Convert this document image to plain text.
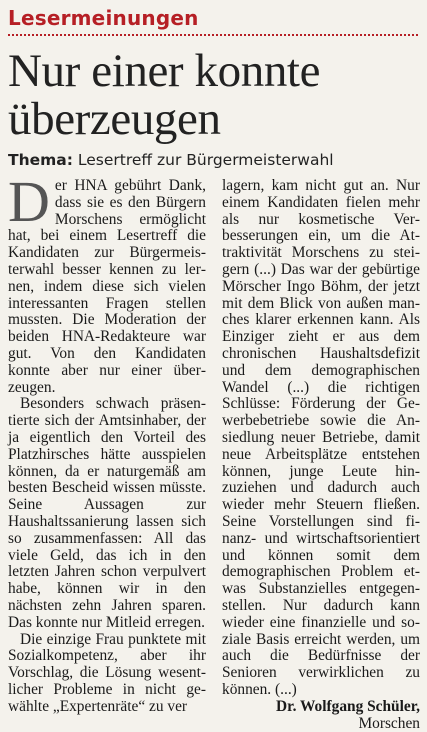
Lesermeinungen
Nur einer konnte
überzeugen
Thema: Lesertreff zur Bürgermeisterwahl

Der HNA gebührt Dank, dass sie es den Bürgern Morschens ermöglicht hat, bei einem Lesertreff die Kandidaten zur Bürgermeisterwahl besser kennen zu lernen, indem diese sich vielen interessanten Fragen stellen mussten. Die Moderation der beiden HNA-Redakteure war gut. Von den Kandidaten konnte aber nur einer überzeugen.

Besonders schwach präsentierte sich der Amtsinhaber, der ja eigentlich den Vorteil des Platzhirsches hätte ausspielen können, da er naturgemäß am besten Bescheid wissen müsste. Seine Aussagen zur Haushaltssanierung lassen sich so zusammenfassen: All das viele Geld, das ich in den letzten Jahren schon verpulvert habe, können wir in den nächsten zehn Jahren sparen. Das konnte nur Mitleid erregen.

Die einzige Frau punktete mit Sozialkompetenz, aber ihr Vorschlag, die Lösung wesentlicher Probleme in nicht gewählte „Expertenräte“ zu ver

lagern, kam nicht gut an. Nur einem Kandidaten fielen mehr als nur kosmetische Verbesserungen ein, um die Attraktivität Morschens zu steigern (...) Das war der gebürtige Mörscher Ingo Böhm, der jetzt mit dem Blick von außen manches klarer erkennen kann. Als Einziger zieht er aus dem chronischen Haushaltsdefizit und dem demographischen Wandel (...) die richtigen Schlüsse: Förderung der Gewerbebetriebe sowie die Ansiedlung neuer Betriebe, damit neue Arbeitsplätze entstehen können, junge Leute hinzuziehen und dadurch auch wieder mehr Steuern fließen. Seine Vorstellungen sind finanz- und wirtschaftsorientiert und können somit dem demographischen Problem etwas Substanzielles entgegenstellen. Nur dadurch kann wieder eine finanzielle und soziale Basis erreicht werden, um auch die Bedürfnisse der Senioren verwirklichen zu können. (...)

Dr. Wolfgang Schüler,

Morschen
